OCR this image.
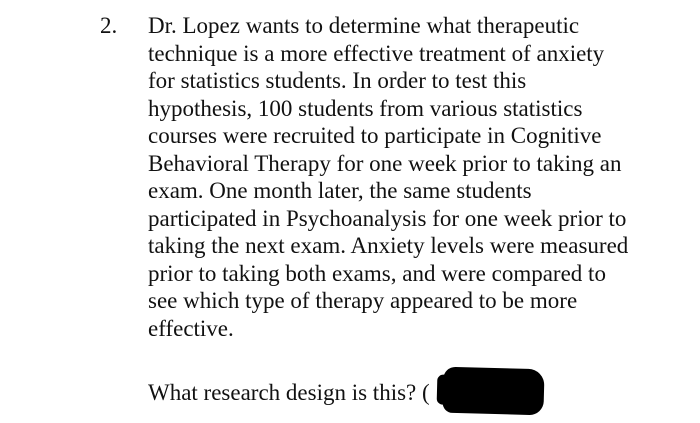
2. Dr. Lopez wants to determine what therapeutic
technique is a more effective treatment of anxiety
for statistics students. In order to test this
hypothesis, 100 students from various statistics
courses were recruited to participate in Cognitive
Behavioral Therapy for one week prior to taking an
exam. One month later, the same students
participated in Psychoanalysis for one week prior to
taking the next exam. Anxiety levels were measured
prior to taking both exams, and were compared to
see which type of therapy appeared to be more
effective.
What research design is this? (
